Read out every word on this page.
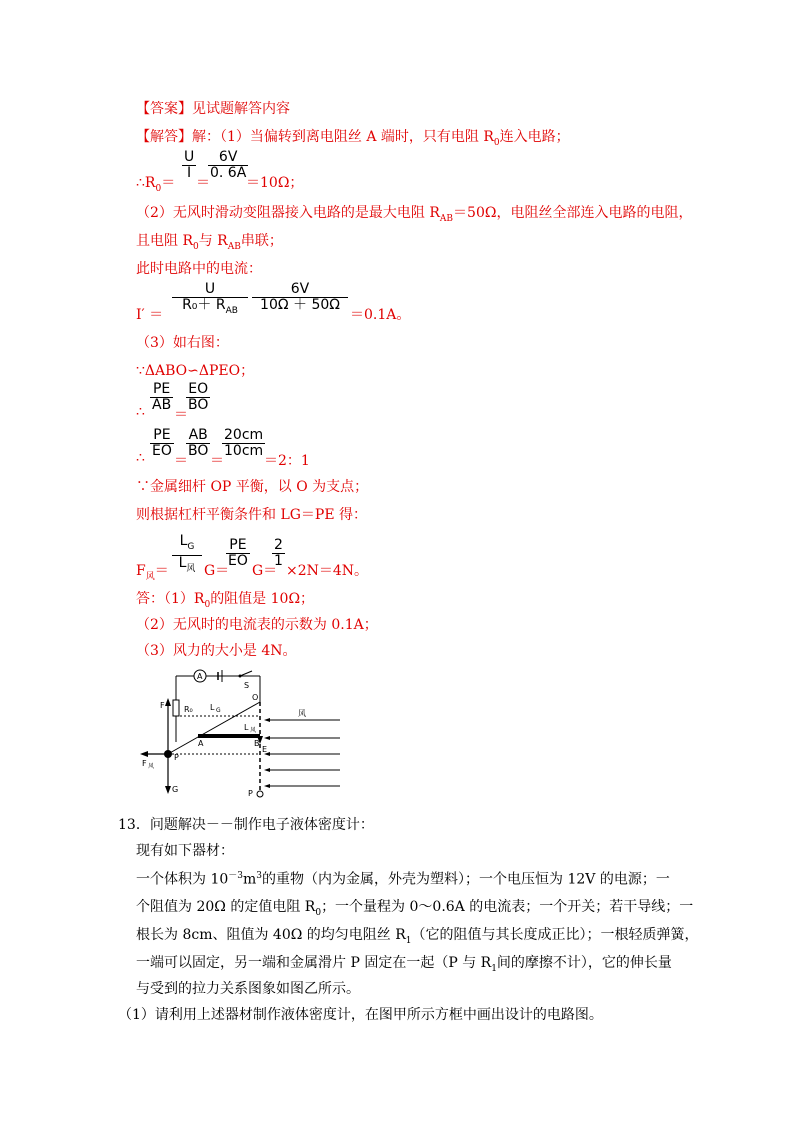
【答案】见试题解答内容
【解答】解：（1）当偏转到离电阻丝 A 端时，只有电阻 $R_0$连入电路；
$\therefore R_0=$
$\frac{U}{I}$
＝
$\frac{6V}{0. 6A}$
＝10Ω；
（2）无风时滑动变阻器接入电路的是最大电阻 $R_{AB}=50\Omega$，电阻丝全部连入电路的电阻，
且电阻 $R_0$与 $R_{AB}$串联；
此时电路中的电流：
I′ ＝
U
$R_0+ R_{AB}$	$\frac{6V}{10\Omega + 50\Omega}$
＝0.1A。
（3）如右图：
∵ΔABO∽ΔPEO；
∴ $\frac{PE}{AB}$
＝
$\frac{EO}{BO}$
∴ $\frac{PE}{EO}$
＝
$\frac{AB}{BO}$
＝
$\frac{20cm}{10cm}$
＝2：1
∵金属细杆 OP 平衡，以 O 为支点；
则根据杠杆平衡条件和 LG＝PE 得：
$F_风=$
$L_G$
$L_风$ G＝
$\frac{PE}{EO}$
G＝
$\frac{2}{1}$
×2N＝4N。
答：$(1)R_0$的阻值是 10Ω；
（2）无风时的电流表的示数为 0.1A；
（3）风力的大小是 4N。
A
S
O
F R₀ L G
L 风
A	B
E
P
F 风
G	P
风
13．问题解决－－制作电子液体密度计：
现有如下器材：
一个体积为 $10^{-3}m^3$的重物（内为金属，外壳为塑料）；一个电压恒为 12V 的电源；一
个阻值为 20Ω 的定值电阻 $R_0$；一个量程为 0～0.6A 的电流表；一个开关；若干导线；一
根长为 8cm、阻值为 40Ω 的均匀电阻丝 $R_1$（它的阻值与其长度成正比）；一根轻质弹簧，
一端可以固定，另一端和金属滑片 P 固定在一起（P 与 $R_1$间的摩擦不计），它的伸长量
与受到的拉力关系图象如图乙所示。
（1）请利用上述器材制作液体密度计，在图甲所示方框中画出设计的电路图。
